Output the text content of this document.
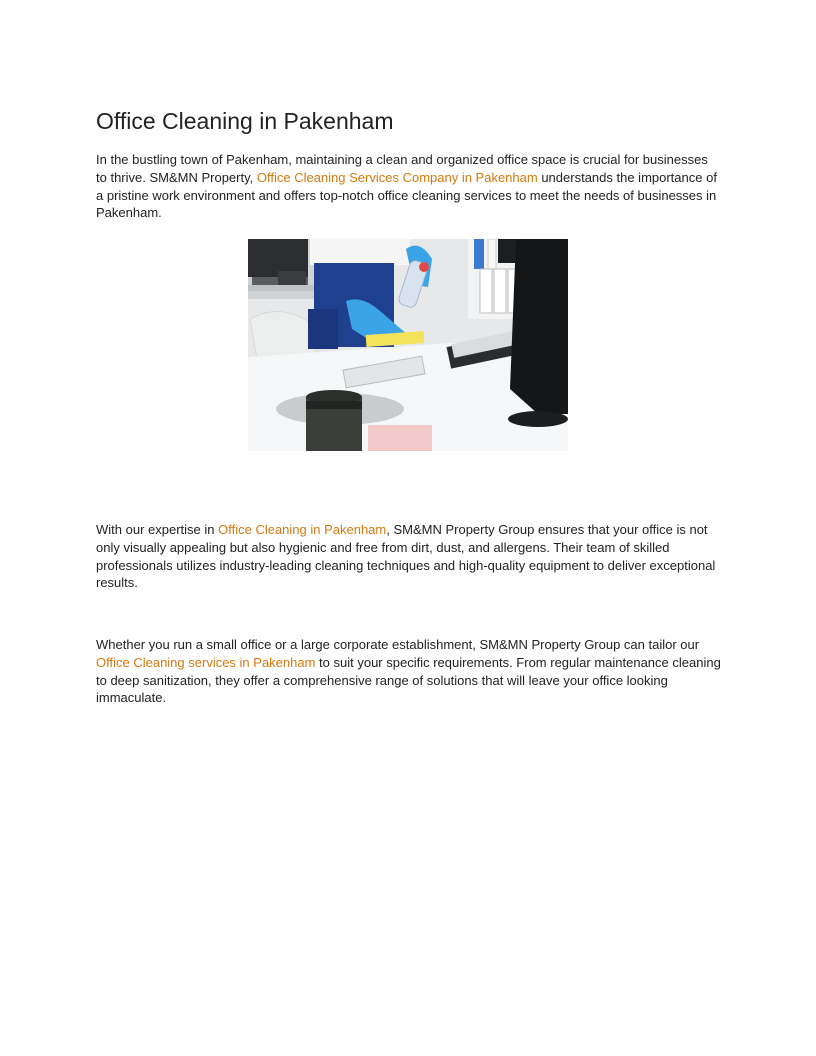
Office Cleaning in Pakenham

In the bustling town of Pakenham, maintaining a clean and organized office space is crucial for businesses to thrive. SM&MN Property, Office Cleaning Services Company in Pakenham understands the importance of a pristine work environment and offers top-notch office cleaning services to meet the needs of businesses in Pakenham.

With our expertise in Office Cleaning in Pakenham, SM&MN Property Group ensures that your office is not only visually appealing but also hygienic and free from dirt, dust, and allergens. Their team of skilled professionals utilizes industry-leading cleaning techniques and high-quality equipment to deliver exceptional results.

Whether you run a small office or a large corporate establishment, SM&MN Property Group can tailor our Office Cleaning services in Pakenham to suit your specific requirements. From regular maintenance cleaning to deep sanitization, they offer a comprehensive range of solutions that will leave your office looking immaculate.
